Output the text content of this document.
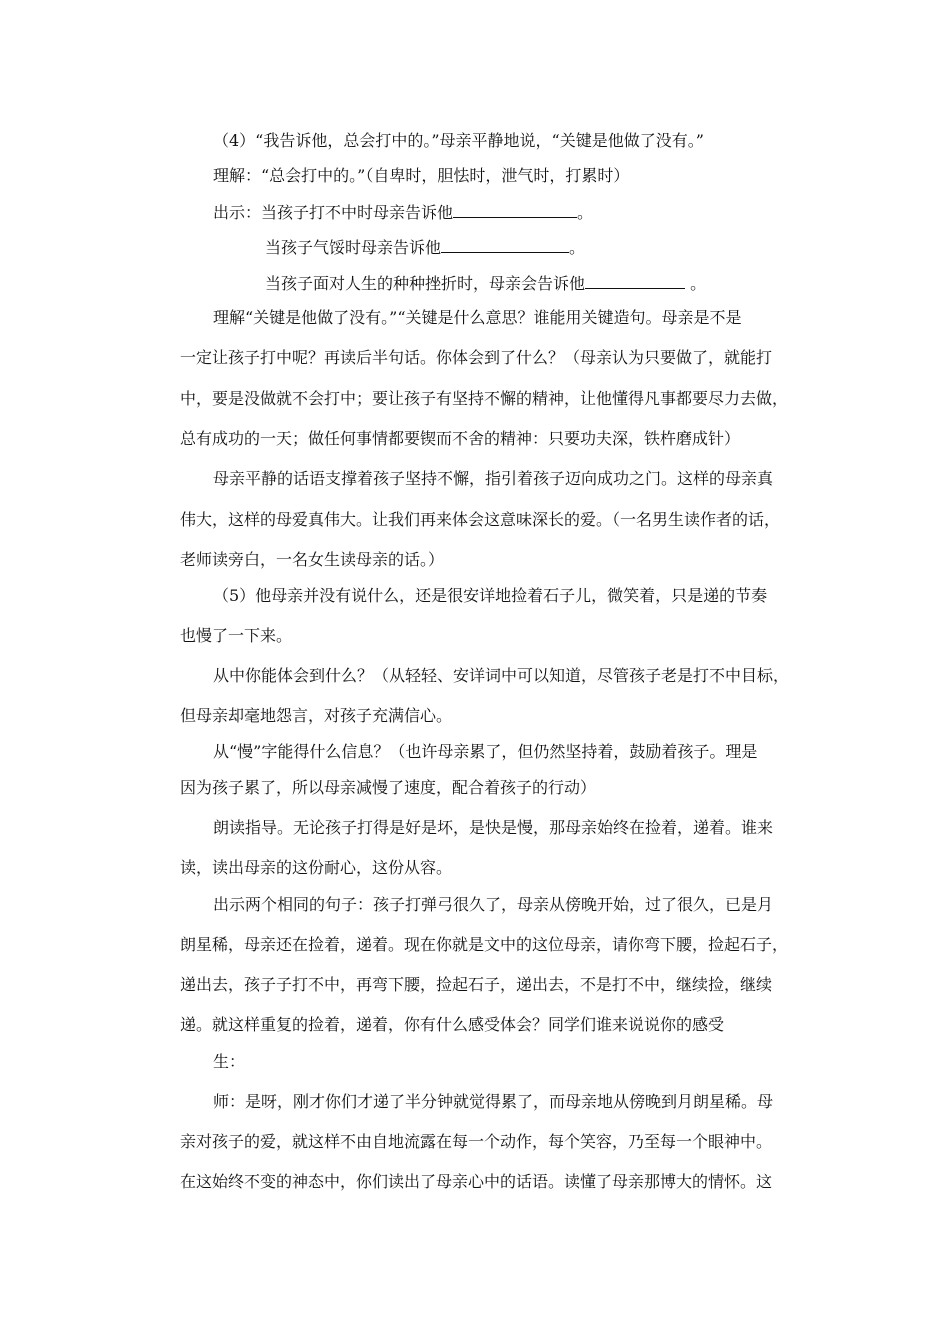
（4）“我告诉他，总会打中的。”母亲平静地说，“关键是他做了没有。”
理解：“总会打中的。”（自卑时，胆怯时，泄气时，打累时）
出示：当孩子打不中时母亲告诉他	。
当孩子气馁时母亲告诉他	。
当孩子面对人生的种种挫折时，母亲会告诉他	。
理解“关键是他做了没有。”“关键是什么意思？谁能用关键造句。母亲是不是
一定让孩子打中呢？再读后半句话。你体会到了什么？（母亲认为只要做了，就能打
中，要是没做就不会打中；要让孩子有坚持不懈的精神，让他懂得凡事都要尽力去做，
总有成功的一天；做任何事情都要锲而不舍的精神：只要功夫深，铁杵磨成针）
母亲平静的话语支撑着孩子坚持不懈，指引着孩子迈向成功之门。这样的母亲真
伟大，这样的母爱真伟大。让我们再来体会这意味深长的爱。（一名男生读作者的话，
老师读旁白，一名女生读母亲的话。）
（5）他母亲并没有说什么，还是很安详地捡着石子儿，微笑着，只是递的节奏
也慢了一下来。
从中你能体会到什么？（从轻轻、安详词中可以知道，尽管孩子老是打不中目标，
但母亲却毫地怨言，对孩子充满信心。
从“慢”字能得什么信息？（也许母亲累了，但仍然坚持着，鼓励着孩子。理是
因为孩子累了，所以母亲减慢了速度，配合着孩子的行动）
朗读指导。无论孩子打得是好是坏，是快是慢，那母亲始终在捡着，递着。谁来
读，读出母亲的这份耐心，这份从容。
出示两个相同的句子：孩子打弹弓很久了，母亲从傍晚开始，过了很久，已是月
朗星稀，母亲还在捡着，递着。现在你就是文中的这位母亲，请你弯下腰，捡起石子，
递出去，孩子子打不中，再弯下腰，捡起石子，递出去，不是打不中，继续捡，继续
递。就这样重复的捡着，递着，你有什么感受体会？同学们谁来说说你的感受
生：
师：是呀，刚才你们才递了半分钟就觉得累了，而母亲地从傍晚到月朗星稀。母
亲对孩子的爱，就这样不由自地流露在每一个动作，每个笑容，乃至每一个眼神中。
在这始终不变的神态中，你们读出了母亲心中的话语。读懂了母亲那博大的情怀。这
